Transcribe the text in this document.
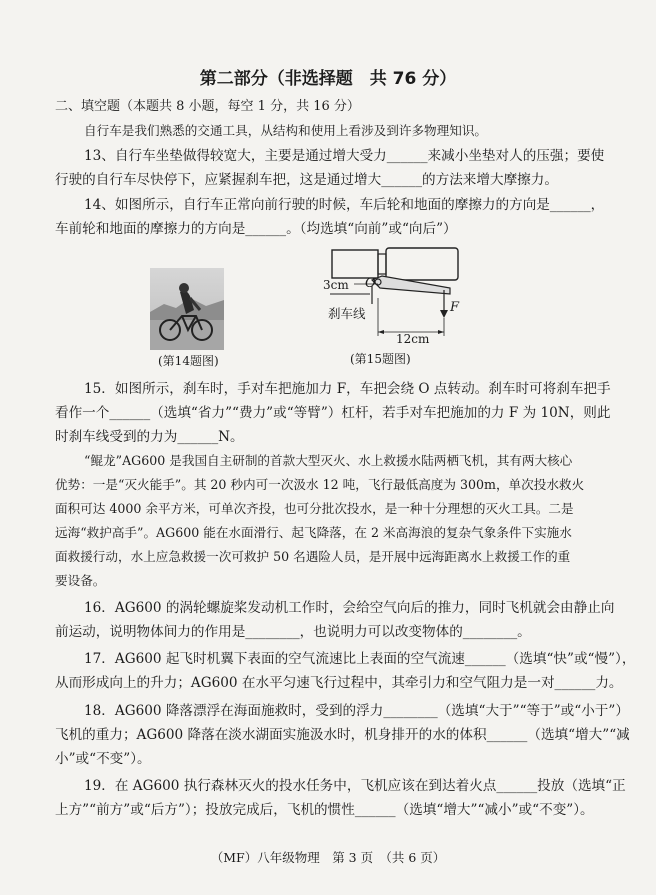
第二部分（非选择题　共 76 分）
二、填空题（本题共 8 小题，每空 1 分，共 16 分）
自行车是我们熟悉的交通工具，从结构和使用上看涉及到许多物理知识。
13、自行车坐垫做得较宽大，主要是通过增大受力______来减小坐垫对人的压强；要使
行驶的自行车尽快停下，应紧握刹车把，这是通过增大______的方法来增大摩擦力。
14、如图所示，自行车正常向前行驶的时候，车后轮和地面的摩擦力的方向是______，
车前轮和地面的摩擦力的方向是______。（均选填“向前”或“向后”）
(第14题图)
3cm O
F
刹车线
12cm
(第15题图)
15．如图所示，刹车时，手对车把施加力 F，车把会绕 O 点转动。刹车时可将刹车把手
看作一个______（选填“省力”“费力”或“等臂”）杠杆，若手对车把施加的力 F 为 10N，则此
时刹车线受到的力为______N。
“鲲龙”AG600 是我国自主研制的首款大型灭火、水上救援水陆两栖飞机，其有两大核心
优势：一是“灭火能手”。其 20 秒内可一次汲水 12 吨，飞行最低高度为 300m，单次投水救火
面积可达 4000 余平方米，可单次齐投，也可分批次投水，是一种十分理想的灭火工具。二是
远海“救护高手”。AG600 能在水面滑行、起飞降落，在 2 米高海浪的复杂气象条件下实施水
面救援行动，水上应急救援一次可救护 50 名遇险人员，是开展中远海距离水上救援工作的重
要设备。
16．AG600 的涡轮螺旋桨发动机工作时，会给空气向后的推力，同时飞机就会由静止向
前运动，说明物体间力的作用是________，也说明力可以改变物体的________。
17．AG600 起飞时机翼下表面的空气流速比上表面的空气流速______（选填“快”或“慢”），
从而形成向上的升力；AG600 在水平匀速飞行过程中，其牵引力和空气阻力是一对______力。
18．AG600 降落漂浮在海面施救时，受到的浮力________（选填“大于”“等于”或“小于”）
飞机的重力；AG600 降落在淡水湖面实施汲水时，机身排开的水的体积______（选填“增大”“减
小”或“不变”）。
19．在 AG600 执行森林灭火的投水任务中，飞机应该在到达着火点______投放（选填“正
上方”“前方”或“后方”）；投放完成后，飞机的惯性______（选填“增大”“减小”或“不变”）。
（MF）八年级物理　第 3 页　（共 6 页）
